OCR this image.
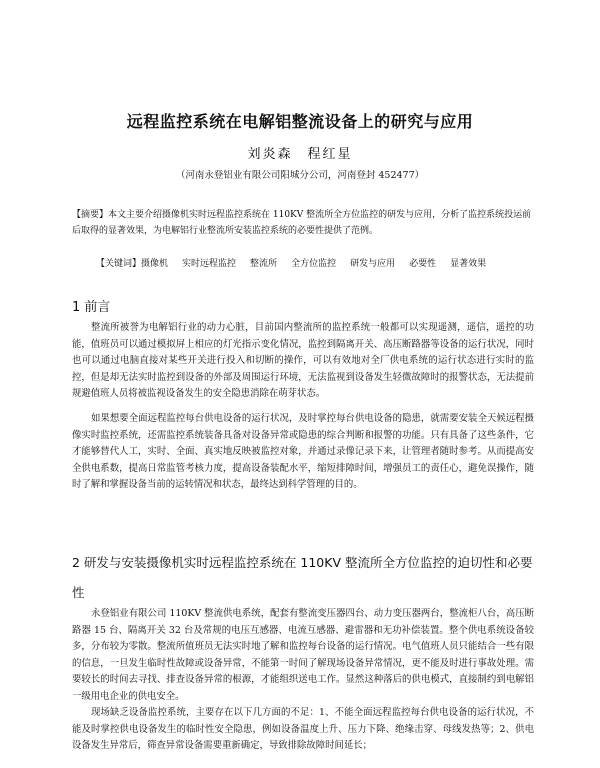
远程监控系统在电解铝整流设备上的研究与应用
刘炎森　程红星
（河南永登铝业有限公司阳城分公司，河南登封 452477）
【摘要】本文主要介绍摄像机实时远程监控系统在 110KV 整流所全方位监控的研发与应用，分析了监控系统投运前后取得的显著效果，为电解铝行业整流所安装监控系统的必要性提供了范例。
【关键词】摄像机 实时远程监控 整流所 全方位监控 研发与应用 必要性 显著效果
1 前言

整流所被誉为电解铝行业的动力心脏，目前国内整流所的监控系统一般都可以实现遥测，遥信，遥控的功能，值班员可以通过模拟屏上相应的灯光指示变化情况，监控到隔离开关、高压断路器等设备的运行状况，同时也可以通过电脑直接对某些开关进行投入和切断的操作，可以有效地对全厂供电系统的运行状态进行实时的监控，但是却无法实时监控到设备的外部及周围运行环境，无法监视到设备发生轻微故障时的报警状态，无法提前规避值班人员将被监视设备发生的安全隐患消除在萌芽状态。

如果想要全面远程监控每台供电设备的运行状况，及时掌控每台供电设备的隐患，就需要安装全天候远程摄像实时监控系统，还需监控系统装备具备对设备异常或隐患的综合判断和报警的功能。只有具备了这些条件，它才能够替代人工，实时、全面、真实地反映被监控对象，并通过录像记录下来，让管理者随时参考。从而提高安全供电系数，提高日常监管考核力度，提高设备装配水平，缩短排障时间，增强员工的责任心，避免误操作，随时了解和掌握设备当前的运转情况和状态，最终达到科学管理的目的。

2 研发与安装摄像机实时远程监控系统在 110KV 整流所全方位监控的迫切性和必要性

永登铝业有限公司 110KV 整流供电系统，配套有整流变压器四台、动力变压器两台，整流柜八台，高压断路器 15 台、隔离开关 32 台及常规的电压互感器、电流互感器、避雷器和无功补偿装置。整个供电系统设备较多，分布较为零散。整流所值班员无法实时地了解和监控每台设备的运行情况。电气值班人员只能结合一些有限的信息，一旦发生临时性故障或设备异常，不能第一时间了解现场设备异常情况，更不能及时进行事故处理。需要较长的时间去寻找、排查设备异常的根源，才能组织送电工作。显然这种落后的供电模式，直接制约到电解铝一级用电企业的供电安全。

现场缺乏设备监控系统，主要存在以下几方面的不足：1、不能全面远程监控每台供电设备的运行状况，不能及时掌控供电设备发生的临时性安全隐患，例如设备温度上升、压力下降、绝缘击穿、母线发热等；2、供电设备发生异常后，筛查异常设备需要重新确定，导致排除故障时间延长；
